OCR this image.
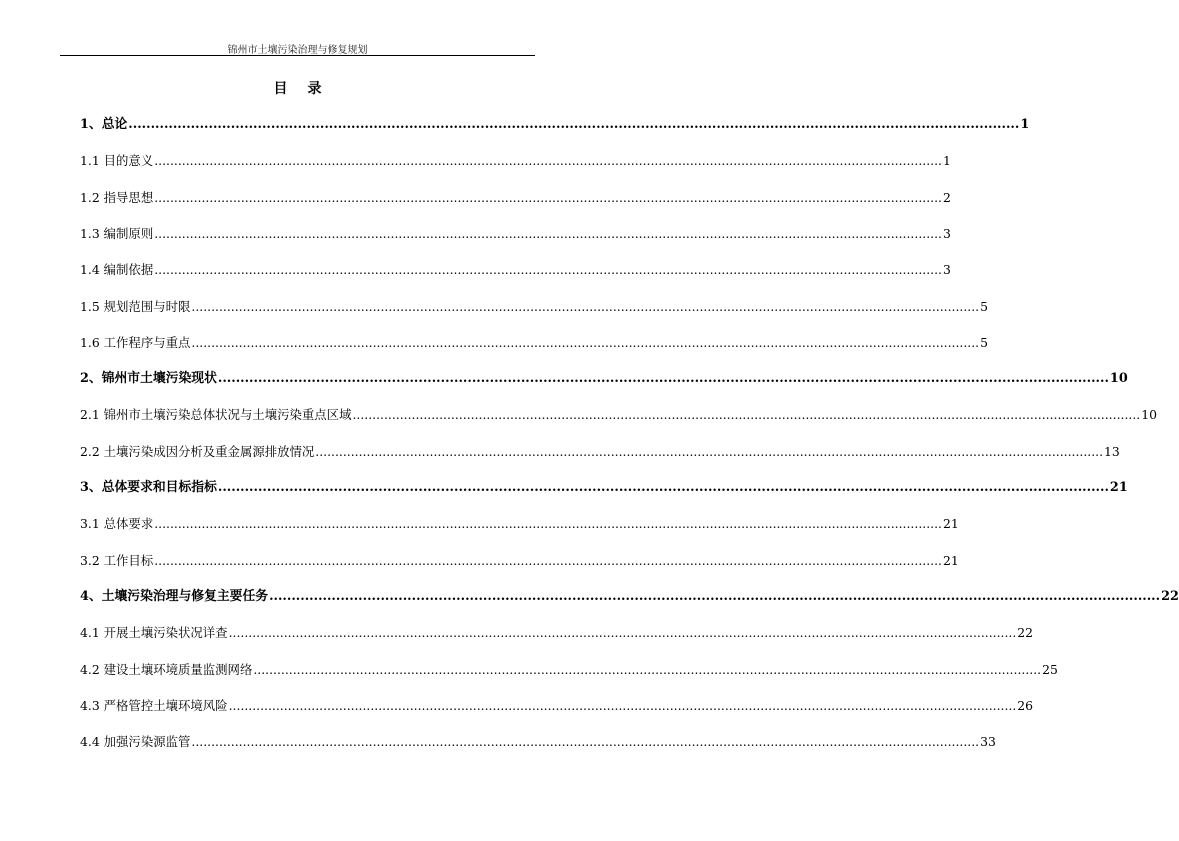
锦州市土壤污染治理与修复规划
目录
1、总论 ........................................................................................................................................................................................................ 1
1.1 目的意义 ........................................................................................................................................................................................................ 1
1.2 指导思想 ........................................................................................................................................................................................................ 2
1.3 编制原则 ........................................................................................................................................................................................................ 3
1.4 编制依据 ........................................................................................................................................................................................................ 3
1.5 规划范围与时限 ........................................................................................................................................................................................................ 5
1.6 工作程序与重点 ........................................................................................................................................................................................................ 5
2、锦州市土壤污染现状 ........................................................................................................................................................................................................ 10
2.1 锦州市土壤污染总体状况与土壤污染重点区域 ........................................................................................................................................................................................................ 10
2.2 土壤污染成因分析及重金属源排放情况 ........................................................................................................................................................................................................ 13
3、总体要求和目标指标 ........................................................................................................................................................................................................ 21
3.1 总体要求 ........................................................................................................................................................................................................ 21
3.2 工作目标 ........................................................................................................................................................................................................ 21
4、土壤污染治理与修复主要任务 ........................................................................................................................................................................................................ 22
4.1 开展土壤污染状况详查 ........................................................................................................................................................................................................ 22
4.2 建设土壤环境质量监测网络 ........................................................................................................................................................................................................ 25
4.3 严格管控土壤环境风险 ........................................................................................................................................................................................................ 26
4.4 加强污染源监管 ........................................................................................................................................................................................................ 33
